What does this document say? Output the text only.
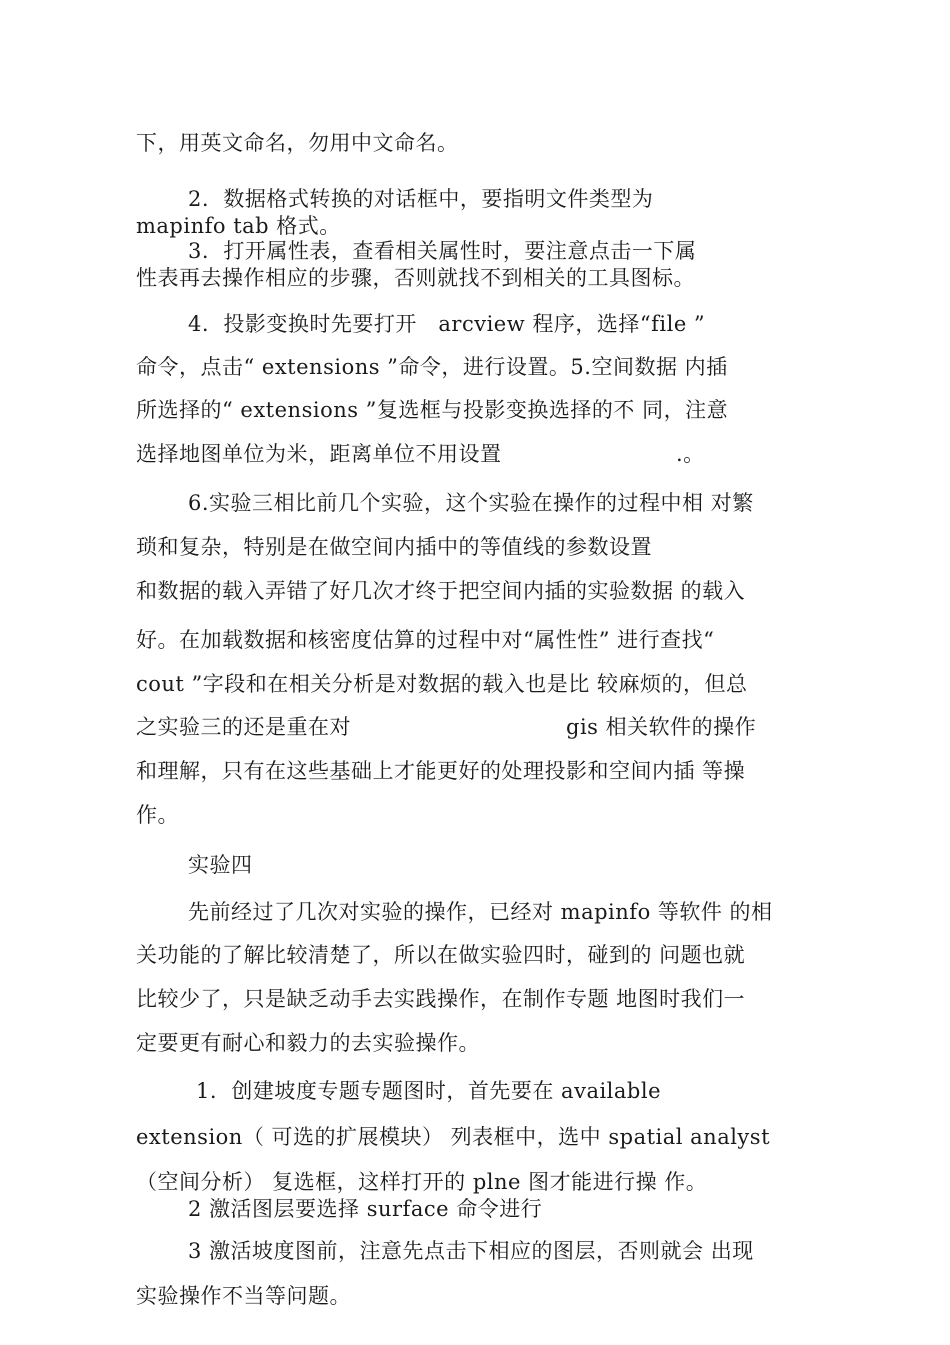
下，用英文命名，勿用中文命名。
2.  数据格式转换的对话框中，要指明文件类型为
mapinfo tab 格式。
3.  打开属性表，查看相关属性时，要注意点击一下属
性表再去操作相应的步骤，否则就找不到相关的工具图标。
4.  投影变换时先要打开   arcview 程序，选择“file ”
命令，点击“ extensions ”命令，进行设置。5.空间数据 内插
所选择的“ extensions ”复选框与投影变换选择的不 同，注意
选择地图单位为米，距离单位不用设置	.。
6.实验三相比前几个实验，这个实验在操作的过程中相 对繁
琐和复杂，特别是在做空间内插中的等值线的参数设置
和数据的载入弄错了好几次才终于把空间内插的实验数据 的载入
好。在加载数据和核密度估算的过程中对“属性性” 进行查找“
cout ”字段和在相关分析是对数据的载入也是比 较麻烦的，但总
之实验三的还是重在对	gis 相关软件的操作
和理解，只有在这些基础上才能更好的处理投影和空间内插 等操
作。
实验四
先前经过了几次对实验的操作，已经对 mapinfo 等软件 的相
关功能的了解比较清楚了，所以在做实验四时，碰到的 问题也就
比较少了，只是缺乏动手去实践操作，在制作专题 地图时我们一
定要更有耐心和毅力的去实验操作。
1.  创建坡度专题专题图时，首先要在 available
extension（ 可选的扩展模块） 列表框中，选中 spatial analyst
（空间分析） 复选框，这样打开的 plne 图才能进行操 作。
2 激活图层要选择 surface 命令进行
3 激活坡度图前，注意先点击下相应的图层，否则就会 出现
实验操作不当等问题。
